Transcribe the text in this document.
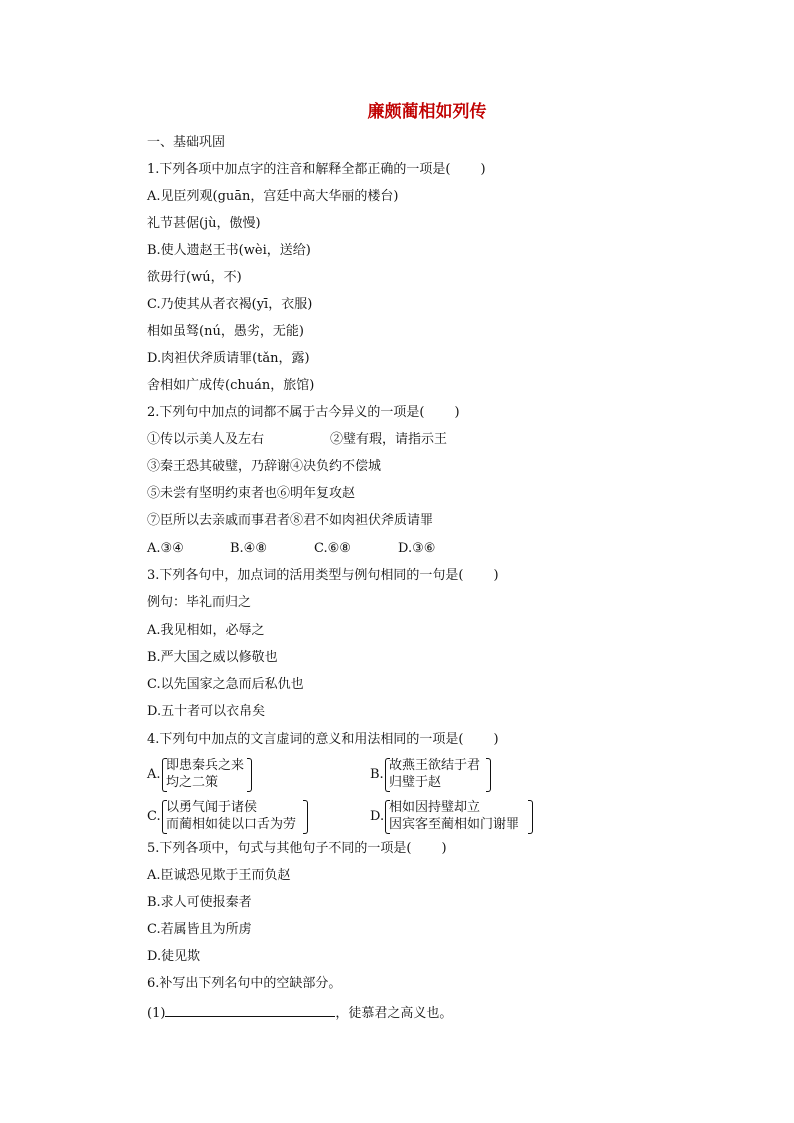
廉颇蔺相如列传
一、基础巩固
1.下列各项中加点字的注音和解释全都正确的一项是( )
A.见臣列观(guān，宫廷中高大华丽的楼台)
礼节甚倨(jù，傲慢)
B.使人遗赵王书(wèi，送给)
欲毋行(wú，不)
C.乃使其从者衣褐(yī，衣服)
相如虽驽(nú，愚劣，无能)
D.肉袒伏斧质请罪(tǎn，露)
舍相如广成传(chuán，旅馆)
2.下列句中加点的词都不属于古今异义的一项是( )
①传以示美人及左右	②璧有瑕，请指示王
③秦王恐其破璧，乃辞谢④决负约不偿城
⑤未尝有坚明约束者也⑥明年复攻赵
⑦臣所以去亲戚而事君者⑧君不如肉袒伏斧质请罪
A.③④	B.④⑧	C.⑥⑧	D.③⑥
3.下列各句中，加点词的活用类型与例句相同的一句是( )
例句：毕礼而归之
A.我见相如，必辱之
B.严大国之威以修敬也
C.以先国家之急而后私仇也
D.五十者可以衣帛矣
4.下列句中加点的文言虚词的意义和用法相同的一项是( )
A.
即患秦兵之来
均之二策
B.
故燕王欲结于君
归璧于赵
C.
以勇气闻于诸侯
而蔺相如徒以口舌为劳
D.
相如因持璧却立
因宾客至蔺相如门谢罪
5.下列各项中，句式与其他句子不同的一项是( )
A.臣诚恐见欺于王而负赵
B.求人可使报秦者
C.若属皆且为所虏
D.徒见欺
6.补写出下列名句中的空缺部分。
(1)	，徒慕君之高义也。
